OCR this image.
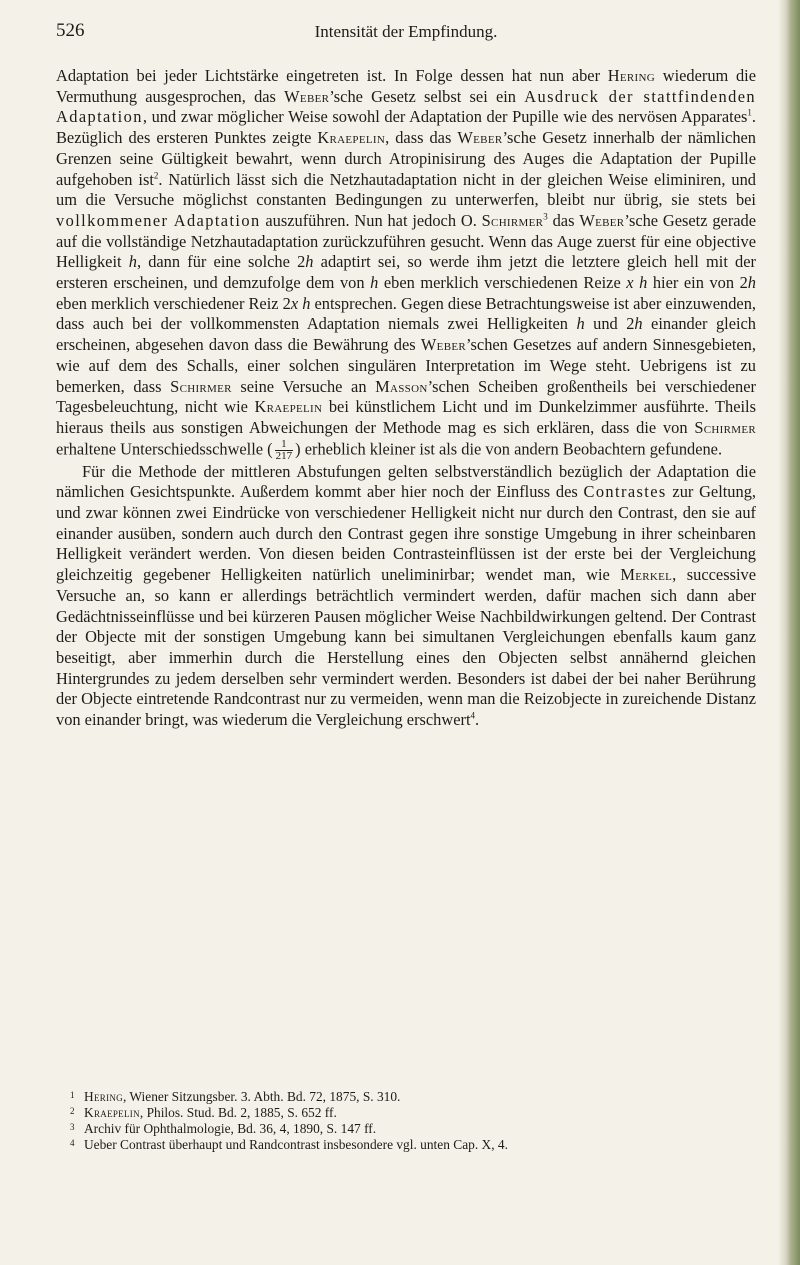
526	Intensität der Empfindung.

Adaptation bei jeder Lichtstärke eingetreten ist. In Folge dessen hat nun aber Hering wiederum die Vermuthung ausgesprochen, das Weber’sche Gesetz selbst sei ein Ausdruck der stattfindenden Adaptation, und zwar möglicher Weise sowohl der Adaptation der Pupille wie des nervösen Apparates$^1$. Bezüglich des ersteren Punktes zeigte Kraepelin, dass das Weber’sche Gesetz innerhalb der nämlichen Grenzen seine Gültigkeit bewahrt, wenn durch Atropinisirung des Auges die Adaptation der Pupille aufgehoben ist$^2$. Natürlich lässt sich die Netzhautadaptation nicht in der gleichen Weise eliminiren, und um die Versuche möglichst constanten Bedingungen zu unterwerfen, bleibt nur übrig, sie stets bei vollkommener Adaptation auszuführen. Nun hat jedoch O. Schirmer$^3$ das Weber’sche Gesetz gerade auf die vollständige Netzhautadaptation zurückzuführen gesucht. Wenn das Auge zuerst für eine objective Helligkeit h, dann für eine solche 2h adaptirt sei, so werde ihm jetzt die letztere gleich hell mit der ersteren erscheinen, und demzufolge dem von h eben merklich verschiedenen Reize x h hier ein von 2h eben merklich verschiedener Reiz 2x h entsprechen. Gegen diese Betrachtungsweise ist aber einzuwenden, dass auch bei der vollkommensten Adaptation niemals zwei Helligkeiten h und 2h einander gleich erscheinen, abgesehen davon dass die Bewährung des Weber’schen Gesetzes auf andern Sinnesgebieten, wie auf dem des Schalls, einer solchen singulären Interpretation im Wege steht. Uebrigens ist zu bemerken, dass Schirmer seine Versuche an Masson’schen Scheiben großentheils bei verschiedener Tagesbeleuchtung, nicht wie Kraepelin bei künstlichem Licht und im Dunkelzimmer ausführte. Theils hieraus theils aus sonstigen Abweichungen der Methode mag es sich erklären, dass die von Schirmer erhaltene Unterschiedsschwelle ( $\frac{1}{217}$ ) erheblich kleiner ist als die von andern Beobachtern gefundene.

Für die Methode der mittleren Abstufungen gelten selbstverständlich bezüglich der Adaptation die nämlichen Gesichtspunkte. Außerdem kommt aber hier noch der Einfluss des Contrastes zur Geltung, und zwar können zwei Eindrücke von verschiedener Helligkeit nicht nur durch den Contrast, den sie auf einander ausüben, sondern auch durch den Contrast gegen ihre sonstige Umgebung in ihrer scheinbaren Helligkeit verändert werden. Von diesen beiden Contrasteinflüssen ist der erste bei der Vergleichung gleichzeitig gegebener Helligkeiten natürlich uneliminirbar; wendet man, wie Merkel, successive Versuche an, so kann er allerdings beträchtlich vermindert werden, dafür machen sich dann aber Gedächtnisseinflüsse und bei kürzeren Pausen möglicher Weise Nachbildwirkungen geltend. Der Contrast der Objecte mit der sonstigen Umgebung kann bei simultanen Vergleichungen ebenfalls kaum ganz beseitigt, aber immerhin durch die Herstellung eines den Objecten selbst annähernd gleichen Hintergrundes zu jedem derselben sehr vermindert werden. Besonders ist dabei der bei naher Berührung der Objecte eintretende Randcontrast nur zu vermeiden, wenn man die Reizobjecte in zureichende Distanz von einander bringt, was wiederum die Vergleichung erschwert$^4$.

1 Hering, Wiener Sitzungsber. 3. Abth. Bd. 72, 1875, S. 310.
2 Kraepelin, Philos. Stud. Bd. 2, 1885, S. 652 ff.
3 Archiv für Ophthalmologie, Bd. 36, 4, 1890, S. 147 ff.
4 Ueber Contrast überhaupt und Randcontrast insbesondere vgl. unten Cap. X, 4.
